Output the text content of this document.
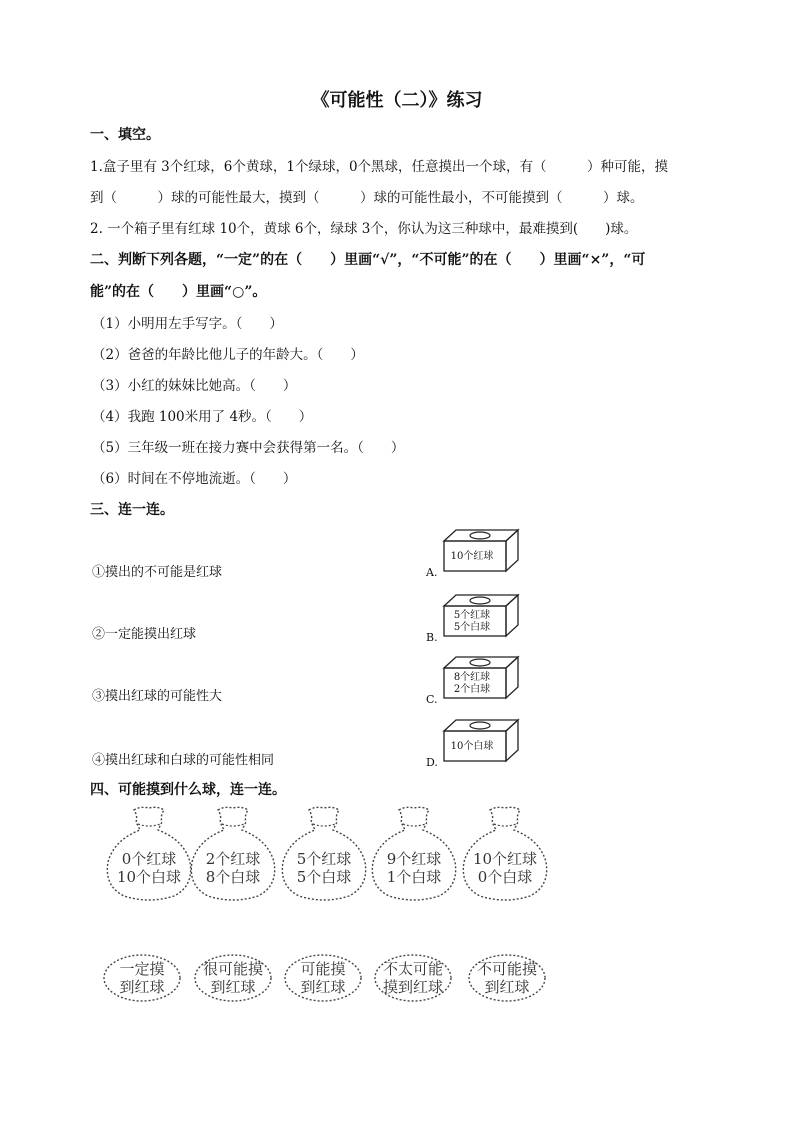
《可能性（二）》练习
一、填空。
1.盒子里有 3个红球，6个黄球，1个绿球，0个黑球，任意摸出一个球，有（　　　）种可能，摸
到（　　　）球的可能性最大，摸到（　　　）球的可能性最小，不可能摸到（　　　）球。
2. 一个箱子里有红球 10个，黄球 6个，绿球 3个，你认为这三种球中，最难摸到(　　)球。
二、判断下列各题，“一定”的在（　　）里画“√”，“不可能”的在（　　）里画“×”，“可
能”的在（　　）里画“○”。
（1）小明用左手写字。（　　）
（2）爸爸的年龄比他儿子的年龄大。（　　）
（3）小红的妹妹比她高。（　　）
（4）我跑 100米用了 4秒。（　　）
（5）三年级一班在接力赛中会获得第一名。（　　）
（6）时间在不停地流逝。（　　）
三、连一连。
①摸出的不可能是红球
②一定能摸出红球
③摸出红球的可能性大
④摸出红球和白球的可能性相同
A.
10个红球
B.
5个红球
5个白球
C.
8个红球
2个白球
D.
10个白球
四、可能摸到什么球，连一连。
0个红球
10个白球
2个红球
8个白球
5个红球
5个白球
9个红球
1个白球
10个红球
0个白球
一定摸
到红球
很可能摸
到红球
可能摸
到红球
不太可能
摸到红球
不可能摸
到红球
